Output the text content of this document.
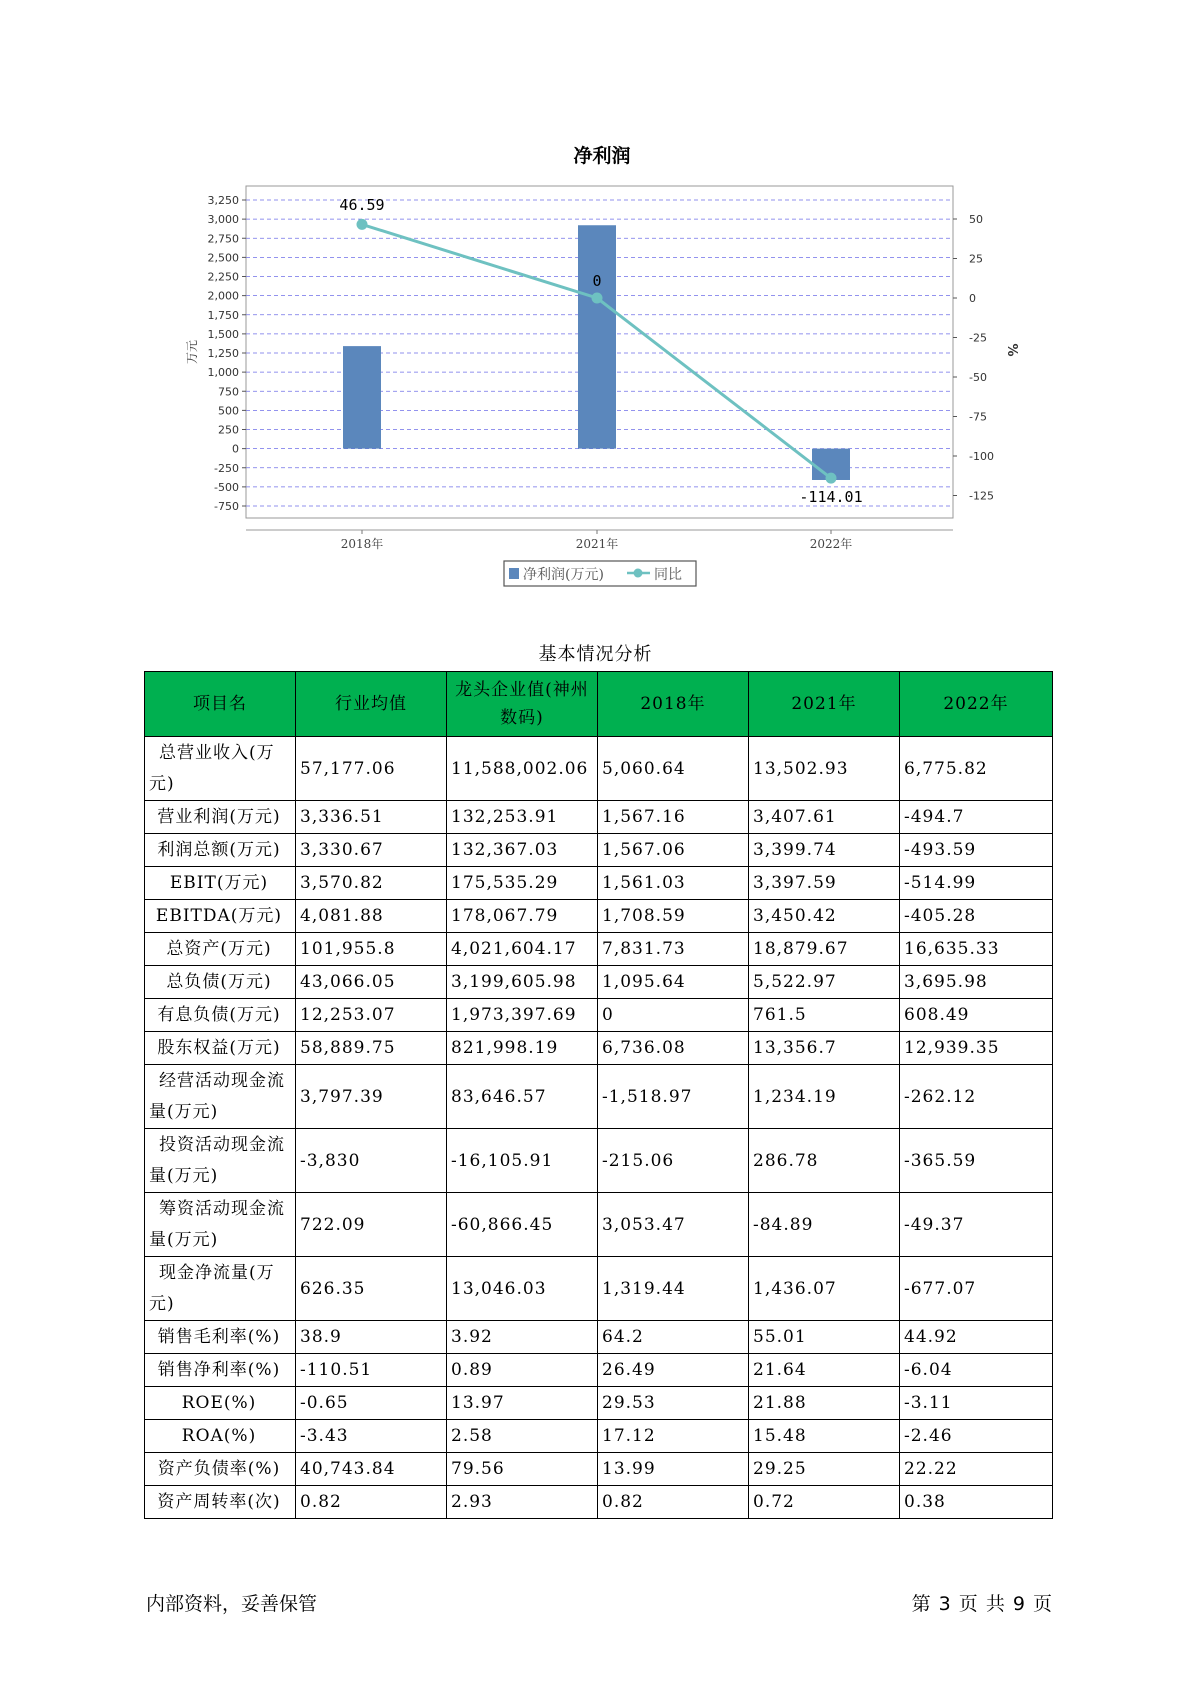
净利润
3,250
3,000
2,750
2,500
2,250
2,000
1,750
1,500
1,250
1,000
750
500
250
0
-250
-500
-750
50
25
0
-25
-50
-75
-100
-125
万元	%
2018年	2021年	2022年
46.59
0
-114.01
净利润(万元)	同比
基本情况分析
项目名	行业均值	龙头企业值(神州数码)	2018年	2021年	2022年
总营业收入(万元)	57,177.06	11,588,002.06	5,060.64	13,502.93	6,775.82
营业利润(万元)	3,336.51	132,253.91	1,567.16	3,407.61	-494.7
利润总额(万元)	3,330.67	132,367.03	1,567.06	3,399.74	-493.59
EBIT(万元)	3,570.82	175,535.29	1,561.03	3,397.59	-514.99
EBITDA(万元)	4,081.88	178,067.79	1,708.59	3,450.42	-405.28
总资产(万元)	101,955.8	4,021,604.17	7,831.73	18,879.67	16,635.33
总负债(万元)	43,066.05	3,199,605.98	1,095.64	5,522.97	3,695.98
有息负债(万元)	12,253.07	1,973,397.69	0	761.5	608.49
股东权益(万元)	58,889.75	821,998.19	6,736.08	13,356.7	12,939.35
经营活动现金流量(万元)	3,797.39	83,646.57	-1,518.97	1,234.19	-262.12
投资活动现金流量(万元)	-3,830	-16,105.91	-215.06	286.78	-365.59
筹资活动现金流量(万元)	722.09	-60,866.45	3,053.47	-84.89	-49.37
现金净流量(万元)	626.35	13,046.03	1,319.44	1,436.07	-677.07
销售毛利率(%)	38.9	3.92	64.2	55.01	44.92
销售净利率(%)	-110.51	0.89	26.49	21.64	-6.04
ROE(%)	-0.65	13.97	29.53	21.88	-3.11
ROA(%)	-3.43	2.58	17.12	15.48	-2.46
资产负债率(%)	40,743.84	79.56	13.99	29.25	22.22
资产周转率(次)	0.82	2.93	0.82	0.72	0.38
内部资料，妥善保管	第 3 页 共 9 页
